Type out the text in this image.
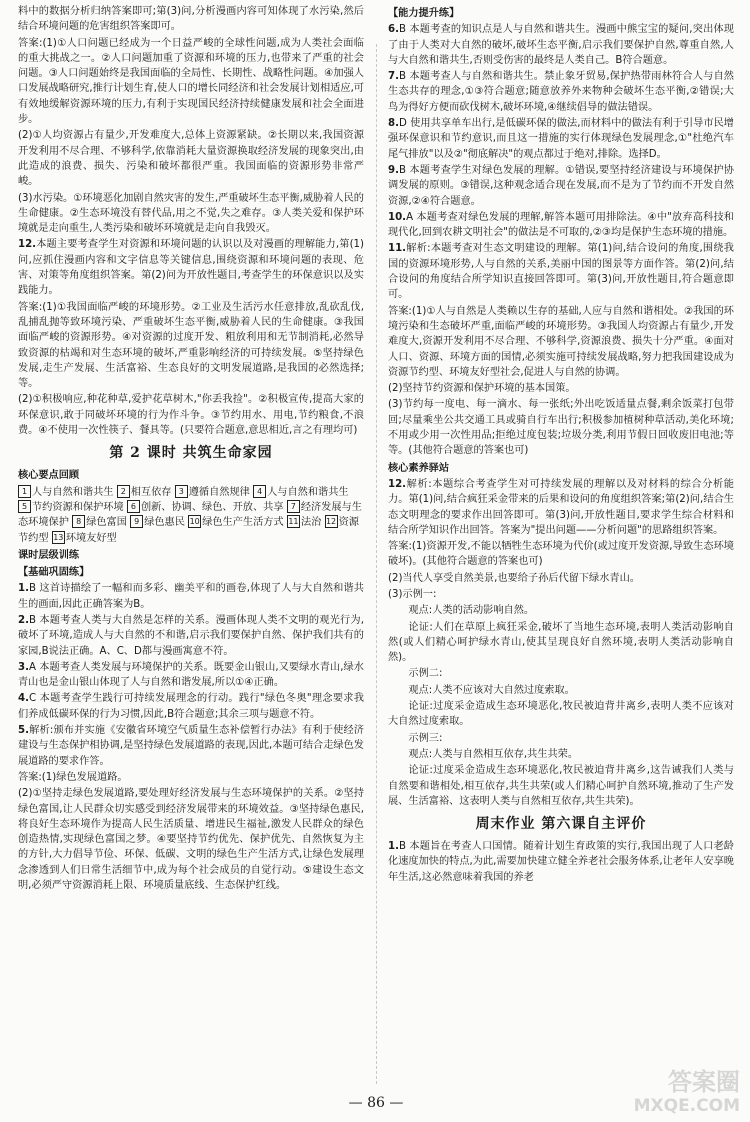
料中的数据分析归纳答案即可;第(3)问,分析漫画内容可知体现了水污染,然后结合环境问题的危害组织答案即可。

答案:(1)①人口问题已经成为一个日益严峻的全球性问题,成为人类社会面临的重大挑战之一。②人口问题加重了资源和环境的压力,也带来了严重的社会问题。③人口问题始终是我国面临的全局性、长期性、战略性问题。④加强人口发展战略研究,推行计划生育,使人口的增长同经济和社会发展计划相适应,可有效地缓解资源环境的压力,有利于实现国民经济持续健康发展和社会全面进步。

(2)①人均资源占有量少,开发难度大,总体上资源紧缺。②长期以来,我国资源开发利用不尽合理、不够科学,依靠消耗大量资源换取经济发展的现象突出,由此造成的浪费、损失、污染和破坏都很严重。我国面临的资源形势非常严峻。

(3)水污染。①环境恶化加剧自然灾害的发生,严重破坏生态平衡,威胁着人民的生命健康。②生态环境没有替代品,用之不觉,失之难存。③人类关爱和保护环境就是走向重生,人类污染和破坏环境就是走向自我毁灭。

12.本题主要考查学生对资源和环境问题的认识以及对漫画的理解能力,第(1)问,应抓住漫画内容和文字信息等关键信息,围绕资源和环境问题的表现、危害、对策等角度组织答案。第(2)问为开放性题目,考查学生的环保意识以及实践能力。

答案:(1)①我国面临严峻的环境形势。②工业及生活污水任意排放,乱砍乱伐,乱捕乱抛等致环境污染、严重破坏生态平衡,威胁着人民的生命健康。③我国面临严峻的资源形势。④对资源的过度开发、粗放利用和无节制消耗,必然导致资源的枯竭和对生态环境的破坏,严重影响经济的可持续发展。⑤坚持绿色发展,走生产发展、生活富裕、生态良好的文明发展道路,是我国的必然选择;等。

(2)①积极响应,种花种草,爱护花草树木,"你丢我捡"。②积极宣传,提高大家的环保意识,敢于同破坏环境的行为作斗争。③节约用水、用电,节约粮食,不浪费。④不使用一次性筷子、餐具等。(只要符合题意,意思相近,言之有理均可)

第 2 课时 共筑生命家园
核心要点回顾
1 人与自然和谐共生 2 相互依存 3 遵循自然规律 4 人与自然和谐共生 5 节约资源和保护环境 6 创新、协调、绿色、开放、共享 7 经济发展与生态环境保护 8 绿色富国 9 绿色惠民 10 绿色生产生活方式 11 法治 12 资源节约型 13 环境友好型
课时层级训练
【基础巩固练】

1.B 这首诗描绘了一幅和而多彩、幽美平和的画卷,体现了人与大自然和谐共生的画面,因此正确答案为B。

2.B 本题考查人类与大自然是怎样的关系。漫画体现人类不文明的观光行为,破坏了环境,造成人与大自然的不和谐,启示我们要保护自然、保护我们共有的家园,B说法正确。A、C、D都与漫画寓意不符。

3.A 本题考查人类发展与环境保护的关系。既要金山银山,又要绿水青山,绿水青山也是金山银山体现了人与自然和谐发展,所以①④正确。

4.C 本题考查学生践行可持续发展理念的行动。践行"绿色冬奥"理念要求我们养成低碳环保的行为习惯,因此,B符合题意;其余三项与题意不符。

5.解析:颁布并实施《安徽省环境空气质量生态补偿暂行办法》有利于使经济建设与生态保护相协调,是坚持绿色发展道路的表现,因此,本题可结合走绿色发展道路的要求作答。

答案:(1)绿色发展道路。

(2)①坚持走绿色发展道路,要处理好经济发展与生态环境保护的关系。②坚持绿色富国,让人民群众切实感受到经济发展带来的环境效益。③坚持绿色惠民,将良好生态环境作为提高人民生活质量、增进民生福祉,激发人民群众的绿色创造热情,实现绿色富国之梦。④要坚持节约优先、保护优先、自然恢复为主的方针,大力倡导节俭、环保、低碳、文明的绿色生产生活方式,让绿色发展理念渗透到人们日常生活细节中,成为每个社会成员的自觉行动。⑤建设生态文明,必须严守资源消耗上限、环境质量底线、生态保护红线。

【能力提升练】

6.B 本题考查的知识点是人与自然和谐共生。漫画中熊宝宝的疑问,突出体现了由于人类对大自然的破坏,破坏生态平衡,启示我们要保护自然,尊重自然,人与大自然和谐共生,否则受伤害的最终是人类自己。B符合题意。

7.B 本题考查人与自然和谐共生。禁止象牙贸易,保护热带雨林符合人与自然生态共存的理念,①③符合题意;随意放养外来物种会破坏生态平衡,②错误;大鸟为得好方便而砍伐树木,破坏环境,④继续倡导的做法错误。

8.D 使用共享单车出行,是低碳环保的做法,而材料中的做法有利于引导市民增强环保意识和节约意识,而且这一措施的实行体现绿色发展理念,①"杜绝汽车尾气排放"以及②"彻底解决"的观点都过于绝对,排除。选择D。

9.B 本题考查学生对绿色发展的理解。①错误,要坚持经济建设与环境保护协调发展的原则。③错误,这种观念适合现在发展,而不是为了节约而不开发自然资源,②④符合题意。

10.A 本题考查对绿色发展的理解,解答本题可用排除法。④中"放弃高科技和现代化,回到农耕文明社会"的做法是不可取的,②③均是保护生态环境的措施。

11.解析:本题考查对生态文明建设的理解。第(1)问,结合设问的角度,围绕我国的资源环境形势,人与自然的关系,美丽中国的图景等方面作答。第(2)问,结合设问的角度结合所学知识直接回答即可。第(3)问,开放性题目,符合题意即可。

答案:(1)①人与自然是人类赖以生存的基础,人应与自然和谐相处。②我国的环境污染和生态破坏严重,面临严峻的环境形势。③我国人均资源占有量少,开发难度大,资源开发利用不尽合理、不够科学,资源浪费、损失十分严重。④面对人口、资源、环境方面的国情,必须实施可持续发展战略,努力把我国建设成为资源节约型、环境友好型社会,促进人与自然的协调。

(2)坚持节约资源和保护环境的基本国策。

(3)节约每一度电、每一滴水、每一张纸;外出吃饭适量点餐,剩余饭菜打包带回;尽量乘坐公共交通工具或骑自行车出行;积极参加植树种草活动,美化环境;不用或少用一次性用品;拒绝过度包装;垃圾分类,利用节假日回收废旧电池;等等。(其他符合题意的答案也可)

核心素养驿站

12.解析:本题综合考查学生对可持续发展的理解以及对材料的综合分析能力。第(1)问,结合疯狂采金带来的后果和设问的角度组织答案;第(2)问,结合生态文明理念的要求作出回答即可。第(3)问,开放性题目,要求学生综合材料和结合所学知识作出回答。答案为"提出问题——分析问题"的思路组织答案。

答案:(1)资源开发,不能以牺牲生态环境为代价(或过度开发资源,导致生态环境破坏)。(其他符合题意的答案也可)

(2)当代人享受自然美景,也要给子孙后代留下绿水青山。

(3)示例一:

观点:人类的活动影响自然。

论证:人们在草原上疯狂采金,破坏了当地生态环境,表明人类活动影响自然(或人们精心呵护绿水青山,使其呈现良好自然环境,表明人类活动影响自然)。

示例二:

观点:人类不应该对大自然过度索取。

论证:过度采金造成生态环境恶化,牧民被迫背井离乡,表明人类不应该对大自然过度索取。

示例三:

观点:人类与自然相互依存,共生共荣。

论证:过度采金造成生态环境恶化,牧民被迫背井离乡,这告诫我们人类与自然要和谐相处,相互依存,共生共荣(或人们精心呵护自然环境,推动了生产发展、生活富裕、这表明人类与自然相互依存,共生共荣)。

周末作业 第六课自主评价

1.B 本题旨在考查人口国情。随着计划生育政策的实行,我国出现了人口老龄化速度加快的特点,为此,需要加快建立健全养老社会服务体系,让老年人安享晚年生活,这必然意味着我国的养老

— 86 —
答案圈
MXQE.COM
